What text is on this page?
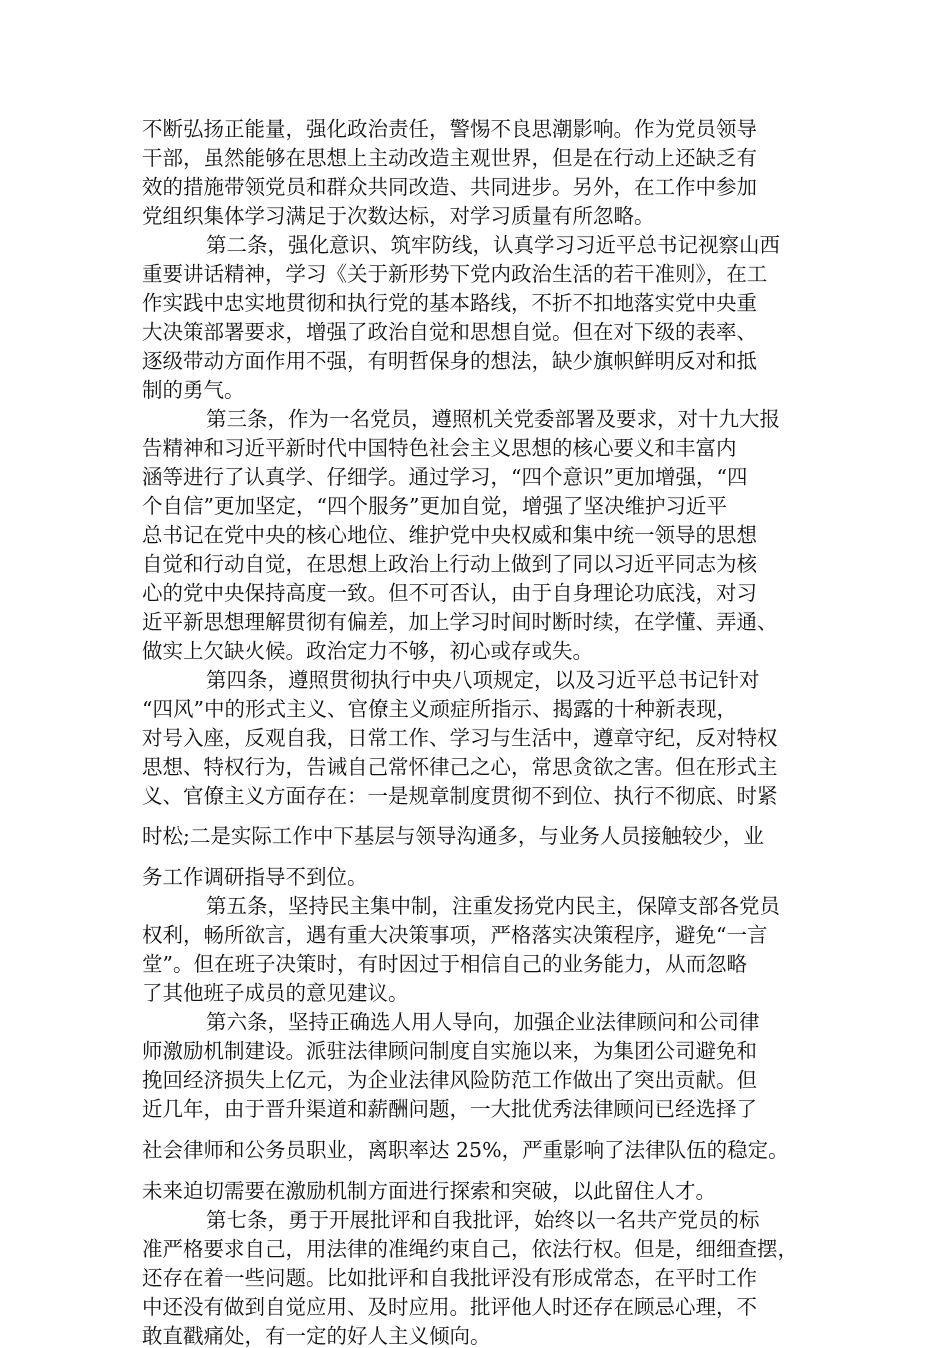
不断弘扬正能量，强化政治责任，警惕不良思潮影响。作为党员领导
干部，虽然能够在思想上主动改造主观世界，但是在行动上还缺乏有
效的措施带领党员和群众共同改造、共同进步。另外，在工作中参加
党组织集体学习满足于次数达标，对学习质量有所忽略。
第二条，强化意识、筑牢防线，认真学习习近平总书记视察山西
重要讲话精神，学习《关于新形势下党内政治生活的若干准则》，在工
作实践中忠实地贯彻和执行党的基本路线，不折不扣地落实党中央重
大决策部署要求，增强了政治自觉和思想自觉。但在对下级的表率、
逐级带动方面作用不强，有明哲保身的想法，缺少旗帜鲜明反对和抵
制的勇气。
第三条，作为一名党员，遵照机关党委部署及要求，对十九大报
告精神和习近平新时代中国特色社会主义思想的核心要义和丰富内
涵等进行了认真学、仔细学。通过学习，“四个意识”更加增强，“四
个自信”更加坚定，“四个服务”更加自觉，增强了坚决维护习近平
总书记在党中央的核心地位、维护党中央权威和集中统一领导的思想
自觉和行动自觉，在思想上政治上行动上做到了同以习近平同志为核
心的党中央保持高度一致。但不可否认，由于自身理论功底浅，对习
近平新思想理解贯彻有偏差，加上学习时间时断时续，在学懂、弄通、
做实上欠缺火候。政治定力不够，初心或存或失。
第四条，遵照贯彻执行中央八项规定，以及习近平总书记针对
“四风”中的形式主义、官僚主义顽症所指示、揭露的十种新表现，
对号入座，反观自我，日常工作、学习与生活中，遵章守纪，反对特权
思想、特权行为，告诫自己常怀律己之心，常思贪欲之害。但在形式主
义、官僚主义方面存在：一是规章制度贯彻不到位、执行不彻底、时紧
时松;二是实际工作中下基层与领导沟通多，与业务人员接触较少，业
务工作调研指导不到位。
第五条，坚持民主集中制，注重发扬党内民主，保障支部各党员
权利，畅所欲言，遇有重大决策事项，严格落实决策程序，避免“一言
堂”。但在班子决策时，有时因过于相信自己的业务能力，从而忽略
了其他班子成员的意见建议。
第六条，坚持正确选人用人导向，加强企业法律顾问和公司律
师激励机制建设。派驻法律顾问制度自实施以来，为集团公司避免和
挽回经济损失上亿元，为企业法律风险防范工作做出了突出贡献。但
近几年，由于晋升渠道和薪酬问题，一大批优秀法律顾问已经选择了
社会律师和公务员职业，离职率达 25%，严重影响了法律队伍的稳定。
未来迫切需要在激励机制方面进行探索和突破，以此留住人才。
第七条，勇于开展批评和自我批评，始终以一名共产党员的标
准严格要求自己，用法律的准绳约束自己，依法行权。但是，细细查摆，
还存在着一些问题。比如批评和自我批评没有形成常态，在平时工作
中还没有做到自觉应用、及时应用。批评他人时还存在顾忌心理，不
敢直戳痛处，有一定的好人主义倾向。
